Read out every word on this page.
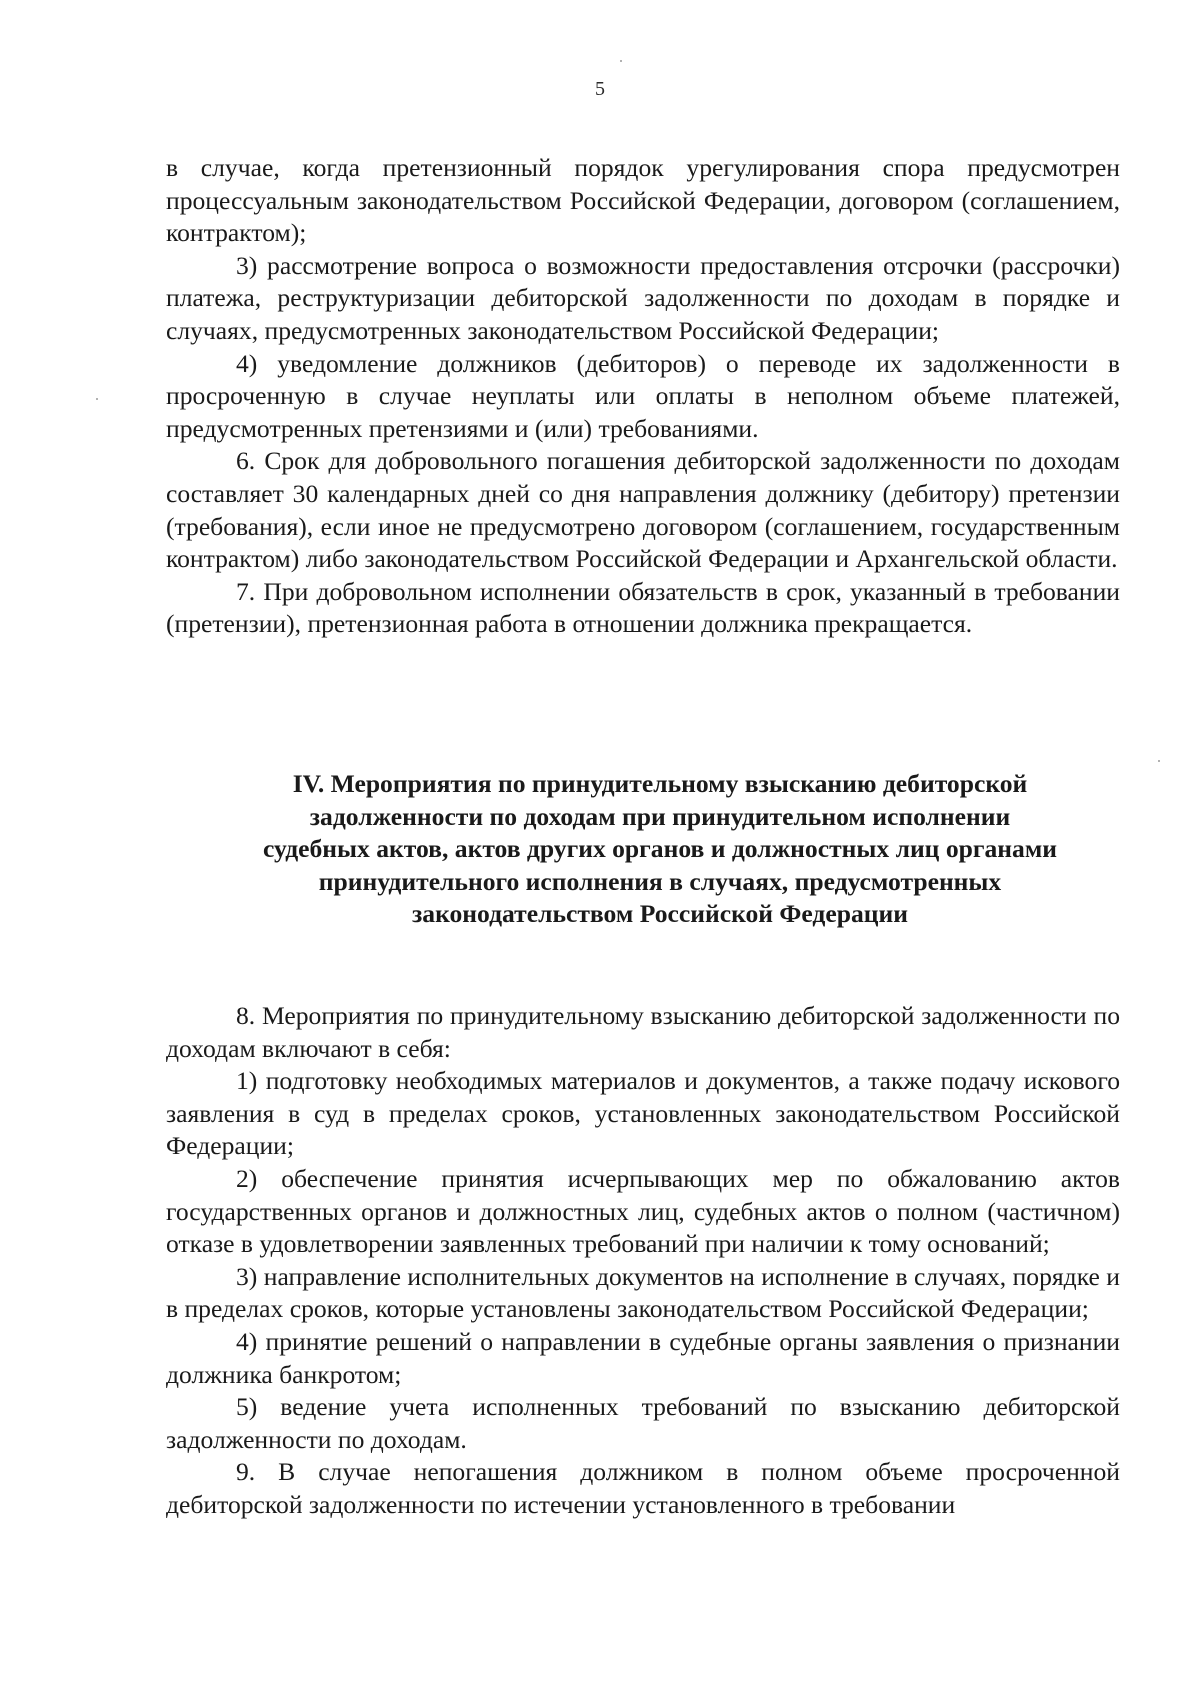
5

в случае, когда претензионный порядок урегулирования спора предусмотрен процессуальным законодательством Российской Федерации, договором (соглашением, контрактом);

3) рассмотрение вопроса о возможности предоставления отсрочки (рассрочки) платежа, реструктуризации дебиторской задолженности по доходам в порядке и случаях, предусмотренных законодательством Российской Федерации;

4) уведомление должников (дебиторов) о переводе их задолженности в просроченную в случае неуплаты или оплаты в неполном объеме платежей, предусмотренных претензиями и (или) требованиями.

6. Срок для добровольного погашения дебиторской задолженности по доходам составляет 30 календарных дней со дня направления должнику (дебитору) претензии (требования), если иное не предусмотрено договором (соглашением, государственным контрактом) либо законодательством Российской Федерации и Архангельской области.

7. При добровольном исполнении обязательств в срок, указанный в требовании (претензии), претензионная работа в отношении должника прекращается.

IV. Мероприятия по принудительному взысканию дебиторской
задолженности по доходам при принудительном исполнении
судебных актов, актов других органов и должностных лиц органами
принудительного исполнения в случаях, предусмотренных
законодательством Российской Федерации

8. Мероприятия по принудительному взысканию дебиторской задолженности по доходам включают в себя:

1) подготовку необходимых материалов и документов, а также подачу искового заявления в суд в пределах сроков, установленных законодательством Российской Федерации;

2) обеспечение принятия исчерпывающих мер по обжалованию актов государственных органов и должностных лиц, судебных актов о полном (частичном) отказе в удовлетворении заявленных требований при наличии к тому оснований;

3) направление исполнительных документов на исполнение в случаях, порядке и в пределах сроков, которые установлены законодательством Российской Федерации;

4) принятие решений о направлении в судебные органы заявления о признании должника банкротом;

5) ведение учета исполненных требований по взысканию дебиторской задолженности по доходам.

9. В случае непогашения должником в полном объеме просроченной дебиторской задолженности по истечении установленного в требовании
